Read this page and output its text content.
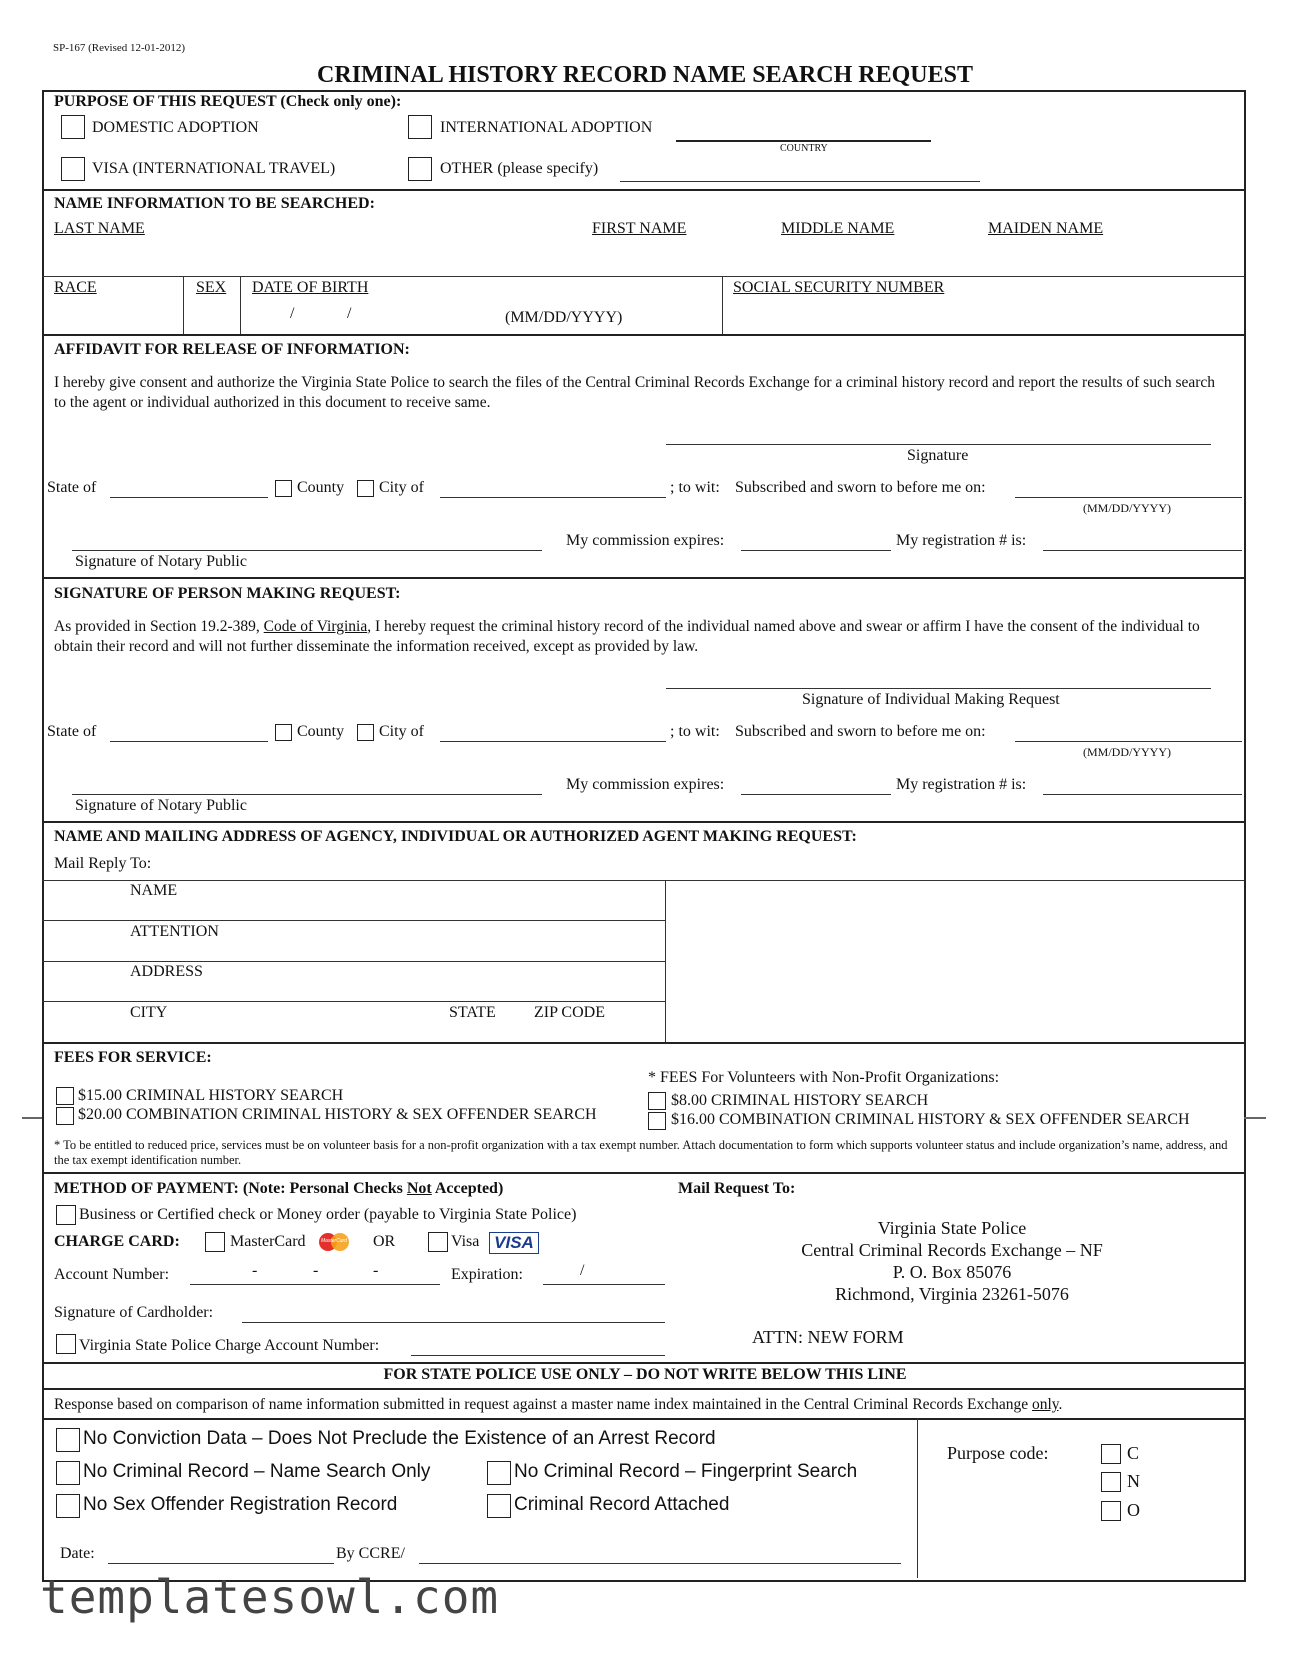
SP-167 (Revised 12-01-2012)
CRIMINAL HISTORY RECORD NAME SEARCH REQUEST
PURPOSE OF THIS REQUEST (Check only one):
DOMESTIC ADOPTION	INTERNATIONAL ADOPTION
COUNTRY
VISA (INTERNATIONAL TRAVEL)	OTHER (please specify)
NAME INFORMATION TO BE SEARCHED:
LAST NAME	FIRST NAME	MIDDLE NAME	MAIDEN NAME
RACE	SEX DATE OF BIRTH
/	/	(MM/DD/YYYY)
SOCIAL SECURITY NUMBER
AFFIDAVIT FOR RELEASE OF INFORMATION:
I hereby give consent and authorize the Virginia State Police to search the files of the Central Criminal Records Exchange for a criminal history record and report the results of such search to the agent or individual authorized in this document to receive same.
Signature
State of	County City of	; to wit: Subscribed and sworn to before me on:
(MM/DD/YYYY)
My commission expires:	My registration # is:
Signature of Notary Public
SIGNATURE OF PERSON MAKING REQUEST:
As provided in Section 19.2-389, Code of Virginia, I hereby request the criminal history record of the individual named above and swear or affirm I have the consent of the individual to obtain their record and will not further disseminate the information received, except as provided by law.
Signature of Individual Making Request
State of	County City of	; to wit: Subscribed and sworn to before me on:
(MM/DD/YYYY)
My commission expires:	My registration # is:
Signature of Notary Public
NAME AND MAILING ADDRESS OF AGENCY, INDIVIDUAL OR AUTHORIZED AGENT MAKING REQUEST:
Mail Reply To:
NAME
ATTENTION
ADDRESS
CITY	STATE ZIP CODE
FEES FOR SERVICE:
* FEES For Volunteers with Non-Profit Organizations:
$15.00 CRIMINAL HISTORY SEARCH
$20.00 COMBINATION CRIMINAL HISTORY & SEX OFFENDER SEARCH
$8.00 CRIMINAL HISTORY SEARCH
$16.00 COMBINATION CRIMINAL HISTORY & SEX OFFENDER SEARCH
* To be entitled to reduced price, services must be on volunteer basis for a non-profit organization with a tax exempt number. Attach documentation to form which supports volunteer status and include organization’s name, address, and the tax exempt identification number.
METHOD OF PAYMENT: (Note: Personal Checks Not Accepted)
Business or Certified check or Money order (payable to Virginia State Police)
CHARGE CARD:	MasterCard	MasterCard OR	Visa VISA
Account Number:	-	-	-	Expiration:	/
Signature of Cardholder:
Virginia State Police Charge Account Number:
Mail Request To:
Virginia State Police
Central Criminal Records Exchange – NF
P. O. Box 85076
Richmond, Virginia 23261-5076
ATTN: NEW FORM
FOR STATE POLICE USE ONLY – DO NOT WRITE BELOW THIS LINE
Response based on comparison of name information submitted in request against a master name index maintained in the Central Criminal Records Exchange only.
No Conviction Data – Does Not Preclude the Existence of an Arrest Record
No Criminal Record – Name Search Only	No Criminal Record – Fingerprint Search
No Sex Offender Registration Record	Criminal Record Attached
Purpose code:	C
N
O
Date:	By CCRE/
templatesowl.com
